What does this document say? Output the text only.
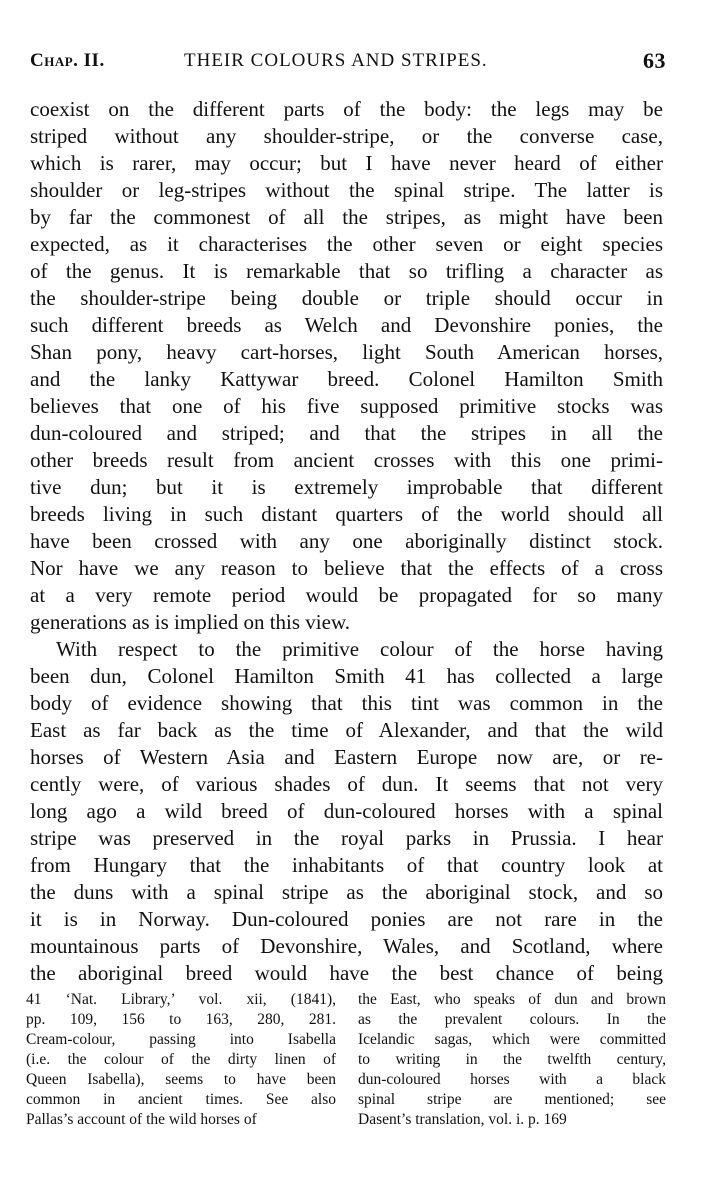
Chap. II.	THEIR COLOURS AND STRIPES.	63
coexist on the different parts of the body: the legs may be
striped without any shoulder-stripe, or the converse case,
which is rarer, may occur; but I have never heard of either
shoulder or leg-stripes without the spinal stripe. The latter is
by far the commonest of all the stripes, as might have been
expected, as it characterises the other seven or eight species
of the genus. It is remarkable that so trifling a character as
the shoulder-stripe being double or triple should occur in
such different breeds as Welch and Devonshire ponies, the
Shan pony, heavy cart-horses, light South American horses,
and the lanky Kattywar breed. Colonel Hamilton Smith
believes that one of his five supposed primitive stocks was
dun-coloured and striped; and that the stripes in all the
other breeds result from ancient crosses with this one primi-
tive dun; but it is extremely improbable that different
breeds living in such distant quarters of the world should all
have been crossed with any one aboriginally distinct stock.
Nor have we any reason to believe that the effects of a cross
at a very remote period would be propagated for so many
generations as is implied on this view.
With respect to the primitive colour of the horse having
been dun, Colonel Hamilton Smith 41 has collected a large
body of evidence showing that this tint was common in the
East as far back as the time of Alexander, and that the wild
horses of Western Asia and Eastern Europe now are, or re-
cently were, of various shades of dun. It seems that not very
long ago a wild breed of dun-coloured horses with a spinal
stripe was preserved in the royal parks in Prussia. I hear
from Hungary that the inhabitants of that country look at
the duns with a spinal stripe as the aboriginal stock, and so
it is in Norway. Dun-coloured ponies are not rare in the
mountainous parts of Devonshire, Wales, and Scotland, where
the aboriginal breed would have the best chance of being
41 ‘Nat. Library,’ vol. xii, (1841),
pp. 109, 156 to 163, 280, 281.
Cream-colour, passing into Isabella
(i.e. the colour of the dirty linen of
Queen Isabella), seems to have been
common in ancient times. See also
Pallas’s account of the wild horses of
the East, who speaks of dun and brown
as the prevalent colours. In the
Icelandic sagas, which were committed
to writing in the twelfth century,
dun-coloured horses with a black
spinal stripe are mentioned; see
Dasent’s translation, vol. i. p. 169
